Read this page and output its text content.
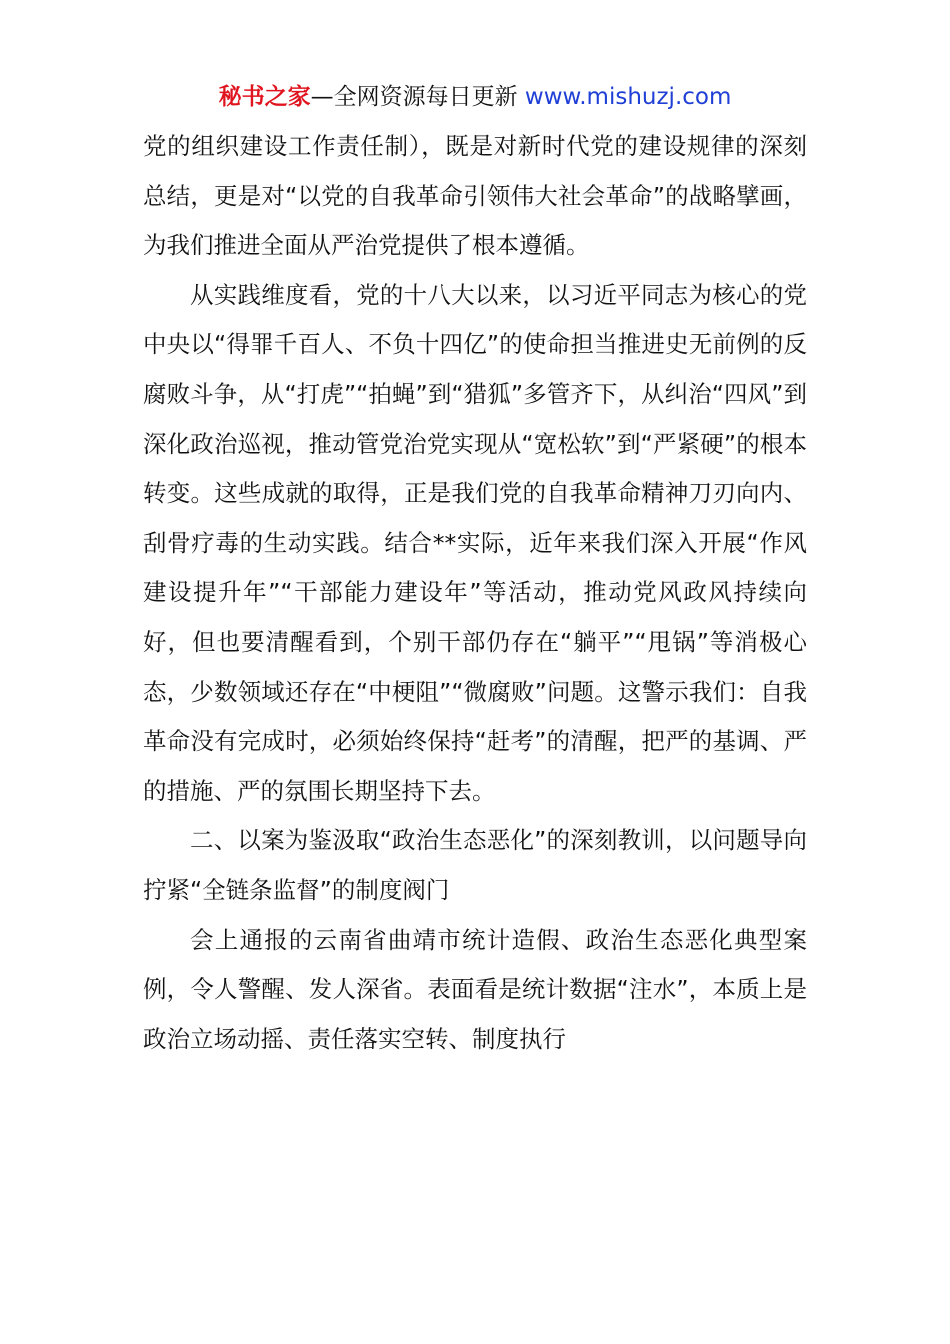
秘书之家—全网资源每日更新 www.mishuzj.com

党的组织建设工作责任制），既是对新时代党的建设规律的深刻总结，更是对“以党的自我革命引领伟大社会革命”的战略擘画，为我们推进全面从严治党提供了根本遵循。

从实践维度看，党的十八大以来，以习近平同志为核心的党中央以“得罪千百人、不负十四亿”的使命担当推进史无前例的反腐败斗争，从“打虎”“拍蝇”到“猎狐”多管齐下，从纠治“四风”到深化政治巡视，推动管党治党实现从“宽松软”到“严紧硬”的根本转变。这些成就的取得，正是我们党的自我革命精神刀刃向内、刮骨疗毒的生动实践。结合**实际，近年来我们深入开展“作风建设提升年”“干部能力建设年”等活动，推动党风政风持续向好，但也要清醒看到，个别干部仍存在“躺平”“甩锅”等消极心态，少数领域还存在“中梗阻”“微腐败”问题。这警示我们：自我革命没有完成时，必须始终保持“赶考”的清醒，把严的基调、严的措施、严的氛围长期坚持下去。

二、以案为鉴汲取“政治生态恶化”的深刻教训，以问题导向拧紧“全链条监督”的制度阀门

会上通报的云南省曲靖市统计造假、政治生态恶化典型案例，令人警醒、发人深省。表面看是统计数据“注水”，本质上是政治立场动摇、责任落实空转、制度执行
